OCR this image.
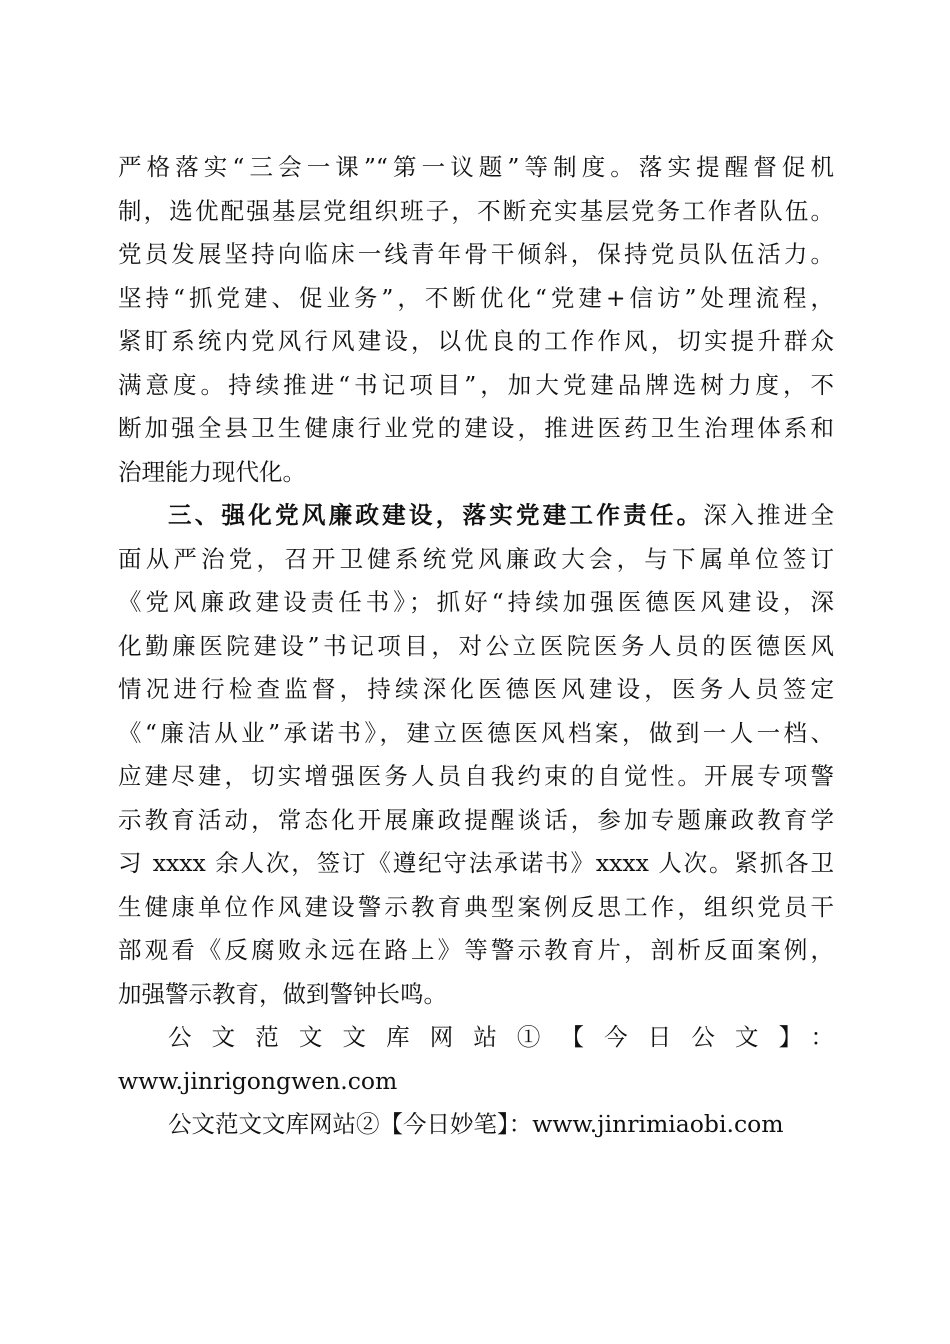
严格落实“三会一课”“第一议题”等制度。落实提醒督促机
制，选优配强基层党组织班子，不断充实基层党务工作者队伍。
党员发展坚持向临床一线青年骨干倾斜，保持党员队伍活力。
坚持“抓党建、促业务”，不断优化“党建+信访”处理流程，
紧盯系统内党风行风建设，以优良的工作作风，切实提升群众
满意度。持续推进“书记项目”，加大党建品牌选树力度，不
断加强全县卫生健康行业党的建设，推进医药卫生治理体系和
治理能力现代化。
三、强化党风廉政建设，落实党建工作责任。深入推进全
面从严治党，召开卫健系统党风廉政大会，与下属单位签订
《党风廉政建设责任书》；抓好“持续加强医德医风建设，深
化勤廉医院建设”书记项目，对公立医院医务人员的医德医风
情况进行检查监督，持续深化医德医风建设，医务人员签定
《“廉洁从业”承诺书》，建立医德医风档案，做到一人一档、
应建尽建，切实增强医务人员自我约束的自觉性。开展专项警
示教育活动，常态化开展廉政提醒谈话，参加专题廉政教育学
习 xxxx 余人次，签订《遵纪守法承诺书》xxxx 人次。紧抓各卫
生健康单位作风建设警示教育典型案例反思工作，组织党员干
部观看《反腐败永远在路上》等警示教育片，剖析反面案例，
加强警示教育，做到警钟长鸣。
公文范文文库网站①【今日公文】：
www.jinrigongwen.com
公文范文文库网站②【今日妙笔】：www.jinrimiaobi.com
